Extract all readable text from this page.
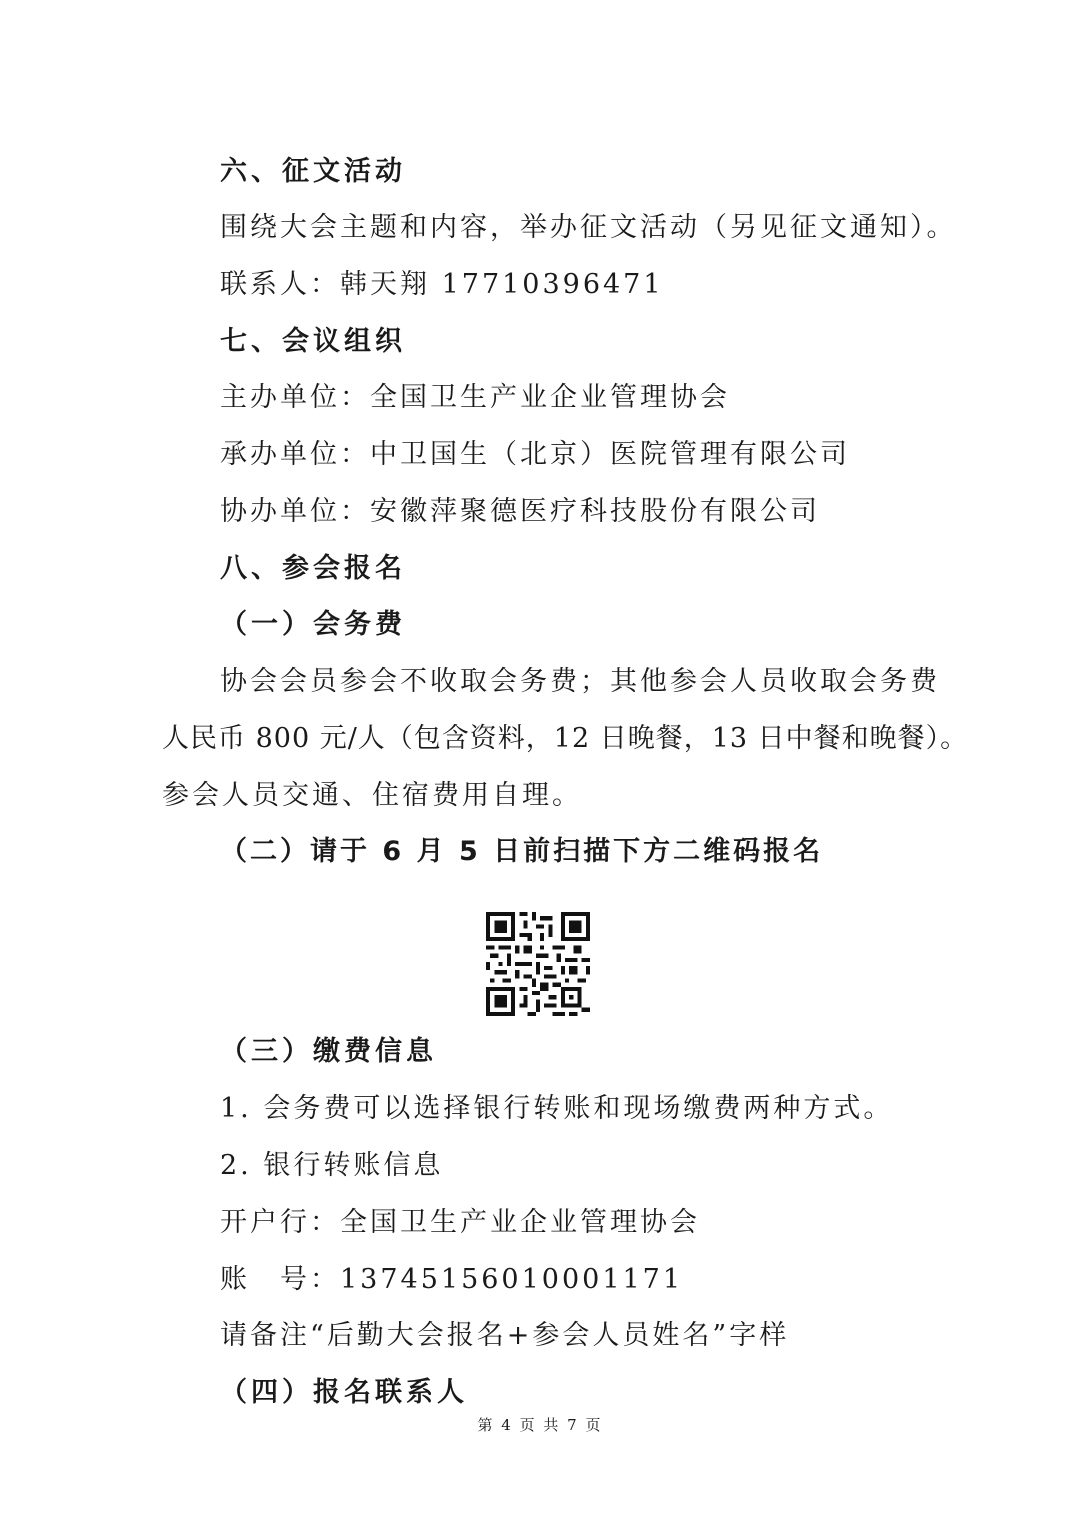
六、征文活动
围绕大会主题和内容，举办征文活动（另见征文通知）。
联系人：韩天翔 17710396471
七、会议组织
主办单位：全国卫生产业企业管理协会
承办单位：中卫国生（北京）医院管理有限公司
协办单位：安徽萍聚德医疗科技股份有限公司
八、参会报名
（一）会务费
协会会员参会不收取会务费；其他参会人员收取会务费
人民币 800 元/人（包含资料，12 日晚餐，13 日中餐和晚餐）。
参会人员交通、住宿费用自理。
（二）请于 6 月 5 日前扫描下方二维码报名
（三）缴费信息
1. 会务费可以选择银行转账和现场缴费两种方式。
2. 银行转账信息
开户行：全国卫生产业企业管理协会
账　号：13745156010001171
请备注“后勤大会报名+参会人员姓名”字样
（四）报名联系人
第 4 页 共 7 页
